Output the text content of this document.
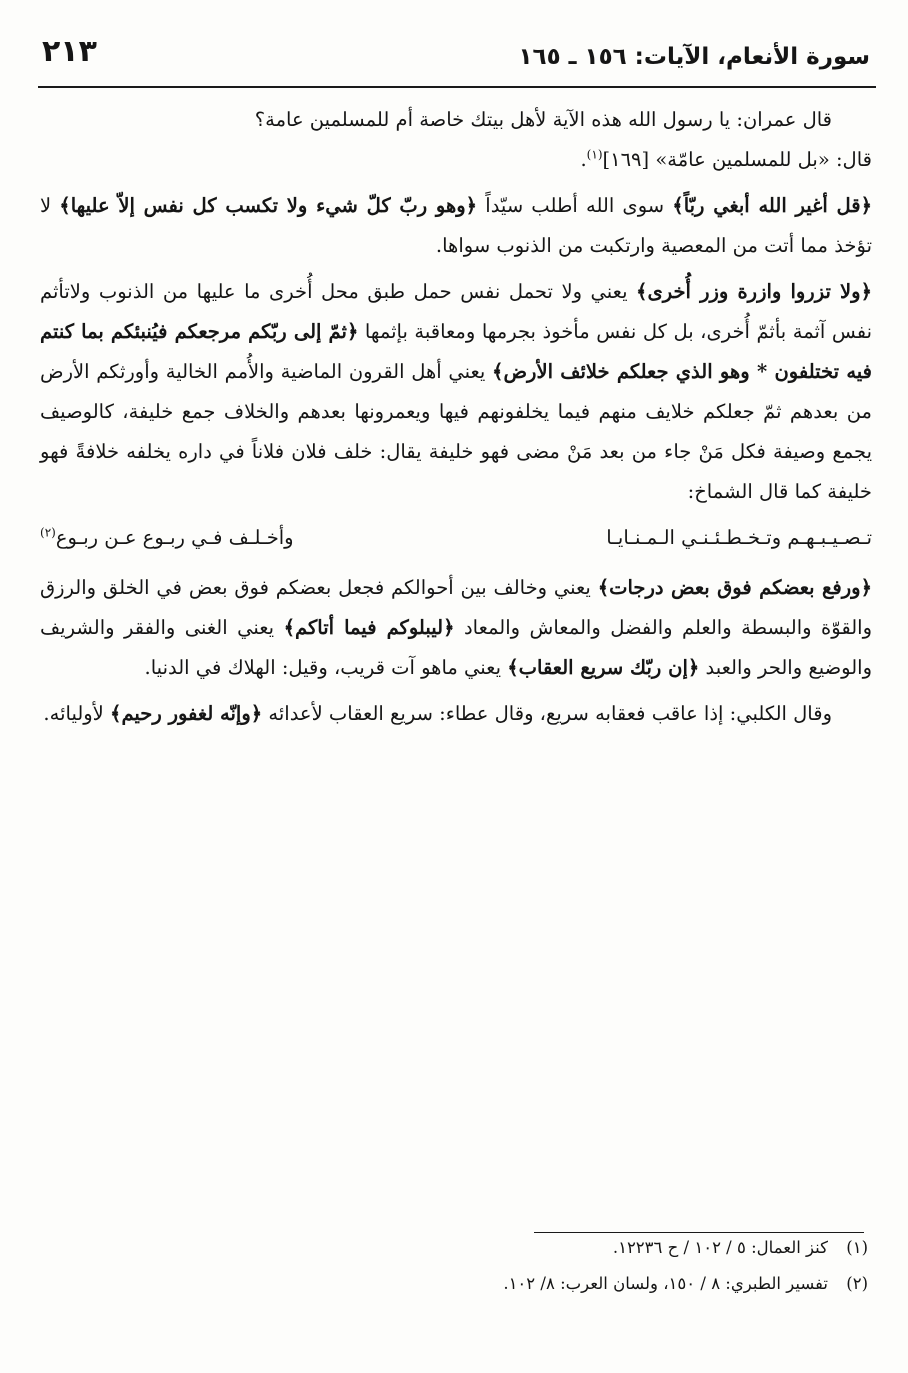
٢١٣	سورة الأنعام، الآيات: ١٥٦ ـ ١٦٥

قال عمران: يا رسول الله هذه الآية لأهل بيتك خاصة أم للمسلمين عامة؟
قال: «بل للمسلمين عامّة» [١٦٩]$^{(١)}$.

﴿قل أغير الله أبغي ربّاً﴾ سوى الله أطلب سيّداً ﴿وهو ربّ كلّ شيء ولا تكسب كل نفس إلاّ عليها﴾ لا تؤخذ مما أتت من المعصية وارتكبت من الذنوب سواها.

﴿ولا تزروا وازرة وزر أُخرى﴾ يعني ولا تحمل نفس حمل طبق محل أُخرى ما عليها من الذنوب ولاتأثم نفس آثمة بأثمّ أُخرى، بل كل نفس مأخوذ بجرمها ومعاقبة بإثمها ﴿ثمّ إلى ربّكم مرجعكم فيُنبئكم بما كنتم فيه تختلفون * وهو الذي جعلكم خلائف الأرض﴾ يعني أهل القرون الماضية والأُمم الخالية وأورثكم الأرض من بعدهم ثمّ جعلكم خلايف منهم فيما يخلفونهم فيها ويعمرونها بعدهم والخلاف جمع خليفة، كالوصيف يجمع وصيفة فكل مَنْ جاء من بعد مَنْ مضى فهو خليفة يقال: خلف فلان فلاناً في داره يخلفه خلافةً فهو خليفة كما قال الشماخ:

تـصـيـبـهـم وتـخـطـئـنـي الـمـنـايـا
وأخـلـف فـي ربـوع عـن ربـوع$^{(٢)}$

﴿ورفع بعضكم فوق بعض درجات﴾ يعني وخالف بين أحوالكم فجعل بعضكم فوق بعض في الخلق والرزق والقوّة والبسطة والعلم والفضل والمعاش والمعاد ﴿ليبلوكم فيما أتاكم﴾ يعني الغنى والفقر والشريف والوضيع والحر والعبد ﴿إن ربّك سريع العقاب﴾ يعني ماهو آت قريب، وقيل: الهلاك في الدنيا.

وقال الكلبي: إذا عاقب فعقابه سريع، وقال عطاء: سريع العقاب لأعدائه ﴿وإنّه لغفور رحيم﴾ لأوليائه.

(١)كنز العمال: ٥ / ١٠٢ / ح ١٢٢٣٦.

(٢)تفسير الطبري: ٨ / ١٥٠، ولسان العرب: ٨/ ١٠٢.
